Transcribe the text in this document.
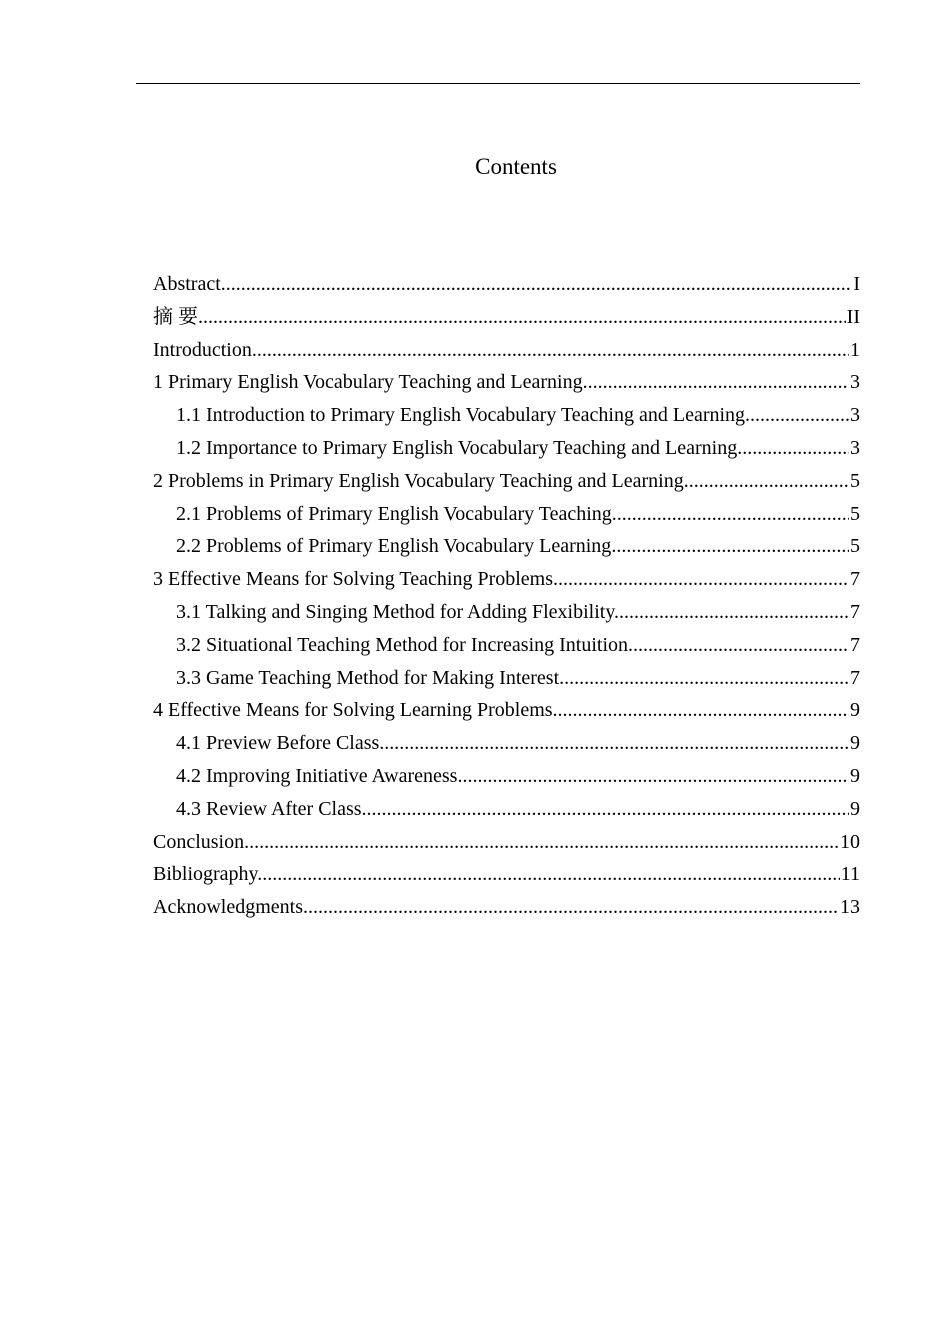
Contents
I
Abstract .....
II
摘 要 .....
1
Introduction .....
3
1 Primary English Vocabulary Teaching and Learning .....
3
1.1 Introduction to Primary English Vocabulary Teaching and Learning. .....
3
1.2 Importance to Primary English Vocabulary Teaching and Learning .....
5
2 Problems in Primary English Vocabulary Teaching and Learning .....
5
2.1 Problems of Primary English Vocabulary Teaching .....
5
2.2 Problems of Primary English Vocabulary Learning .....
7
3 Effective Means for Solving Teaching Problems .....
7
3.1 Talking and Singing Method for Adding Flexibility .....
7
3.2 Situational Teaching Method for Increasing Intuition .....
7
3.3 Game Teaching Method for Making Interest .....
9
4 Effective Means for Solving Learning Problems .....
9
4.1 Preview Before Class .....
9
4.2 Improving Initiative Awareness .....
9
4.3 Review After Class .....
10
Conclusion .....
11
Bibliography .....
13
Acknowledgments .....
